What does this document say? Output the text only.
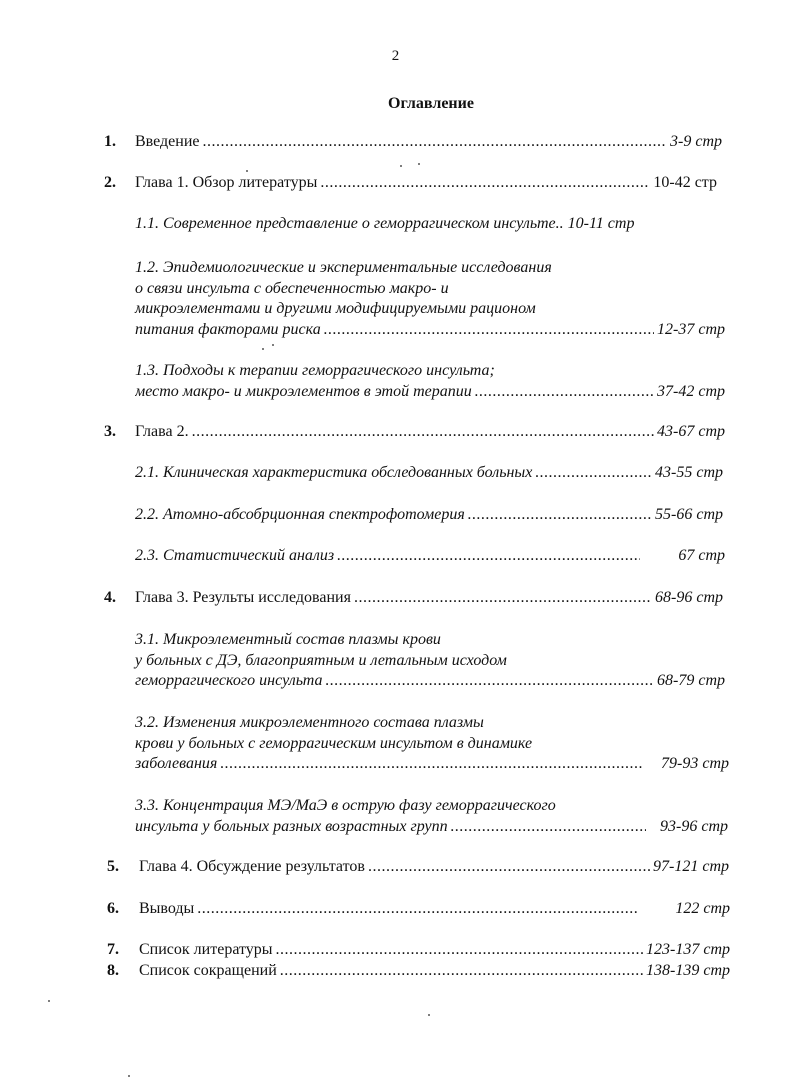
2
Оглавление
1. Введение .....	3-9 стр
2. Глава 1. Обзор литературы .....	10-42 стр
1.1. Современное представление о геморрагическом инсульте.. 10-11 стр
1.2. Эпидемиологические и экспериментальные исследования
о связи инсульта с обеспеченностью макро- и
микроэлементами и другими модифицируемыми рационом
питания факторами риска .....	12-37 стр
1.3. Подходы к терапии геморрагического инсульта;
место макро- и микроэлементов в этой терапии .....	37-42 стр
3. Глава 2. .....	43-67 стр
2.1. Клиническая характеристика обследованных больных .....	43-55 стр
2.2. Атомно-абсобрционная спектрофотомерия .....	55-66 стр
2.3. Статистический анализ .....	67 стр
4. Глава 3. Результы исследования .....	68-96 стр
3.1. Микроэлементный состав плазмы крови
у больных с ДЭ, благоприятным и летальным исходом
геморрагического инсульта .....	68-79 стр
3.2. Изменения микроэлементного состава плазмы
крови у больных с геморрагическим инсультом в динамике
заболевания .....	79-93 стр
3.3. Концентрация МЭ/МаЭ в острую фазу геморрагического
инсульта у больных разных возрастных групп .....	93-96 стр
5. Глава 4. Обсуждение результатов .....	97-121 стр
6. Выводы .....	122 стр
7. Список литературы .....	123-137 стр
8. Список сокращений .....	138-139 стр
